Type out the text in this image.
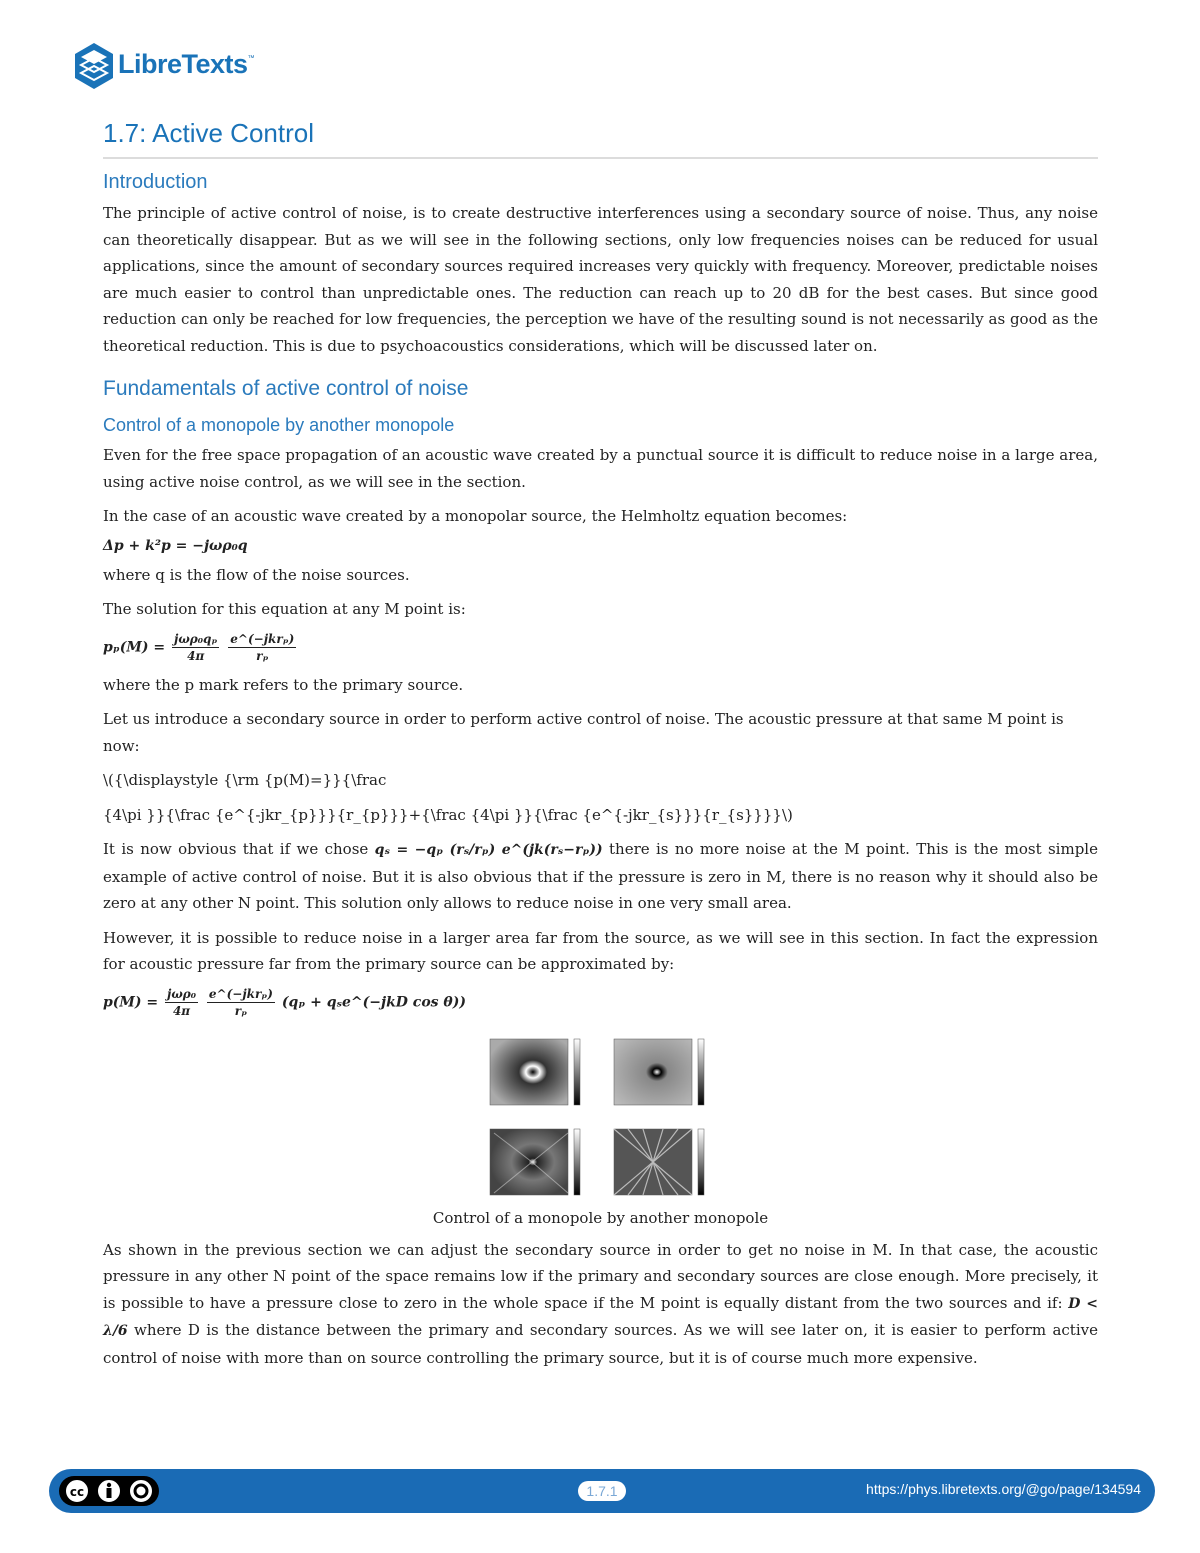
LibreTexts™
1.7: Active Control
Introduction

The principle of active control of noise, is to create destructive interferences using a secondary source of noise. Thus, any noise can theoretically disappear. But as we will see in the following sections, only low frequencies noises can be reduced for usual applications, since the amount of secondary sources required increases very quickly with frequency. Moreover, predictable noises are much easier to control than unpredictable ones. The reduction can reach up to 20 dB for the best cases. But since good reduction can only be reached for low frequencies, the perception we have of the resulting sound is not necessarily as good as the theoretical reduction. This is due to psychoacoustics considerations, which will be discussed later on.

Fundamentals of active control of noise
Control of a monopole by another monopole

Even for the free space propagation of an acoustic wave created by a punctual source it is difficult to reduce noise in a large area, using active noise control, as we will see in the section.

In the case of an acoustic wave created by a monopolar source, the Helmholtz equation becomes:

Δp + k²p = −jωρ₀q

where q is the flow of the noise sources.

The solution for this equation at any M point is:

$p_p(M) = \frac{\text{jωρ₀qₚ}}{4\pi}$
$\frac{\text{e\textasciicircum{}(−jkrₚ)}}{\text{rₚ}}$

where the p mark refers to the primary source.

Let us introduce a secondary source in order to perform active control of noise. The acoustic pressure at that same M point is now:

\({\displaystyle {\rm {p(M)=}}{\frac

{4\pi }}{\frac {e^{-jkr_{p}}}{r_{p}}}+{\frac {4\pi }}{\frac {e^{-jkr_{s}}}{r_{s}}}}\)

It is now obvious that if we chose qₛ = −qₚ (rₛ/rₚ) e^(jk(rₛ−rₚ)) there is no more noise at the M point. This is the most simple example of active control of noise. But it is also obvious that if the pressure is zero in M, there is no reason why it should also be zero at any other N point. This solution only allows to reduce noise in one very small area.

However, it is possible to reduce noise in a larger area far from the source, as we will see in this section. In fact the expression for acoustic pressure far from the primary source can be approximated by:

$p(M) = \frac{\text{jωρ₀}}{4\pi}$
$\frac{\text{e\textasciicircum{}(−jkrₚ)}}{\text{rₚ}} (q_p$ + qₛe^(−jkD cos θ))
Control of a monopole by another monopole

As shown in the previous section we can adjust the secondary source in order to get no noise in M. In that case, the acoustic pressure in any other N point of the space remains low if the primary and secondary sources are close enough. More precisely, it is possible to have a pressure close to zero in the whole space if the M point is equally distant from the two sources and if: D < λ/6 where D is the distance between the primary and secondary sources. As we will see later on, it is easier to perform active control of noise with more than on source controlling the primary source, but it is of course much more expensive.

cc	1.7.1	https://phys.libretexts.org/@go/page/134594
